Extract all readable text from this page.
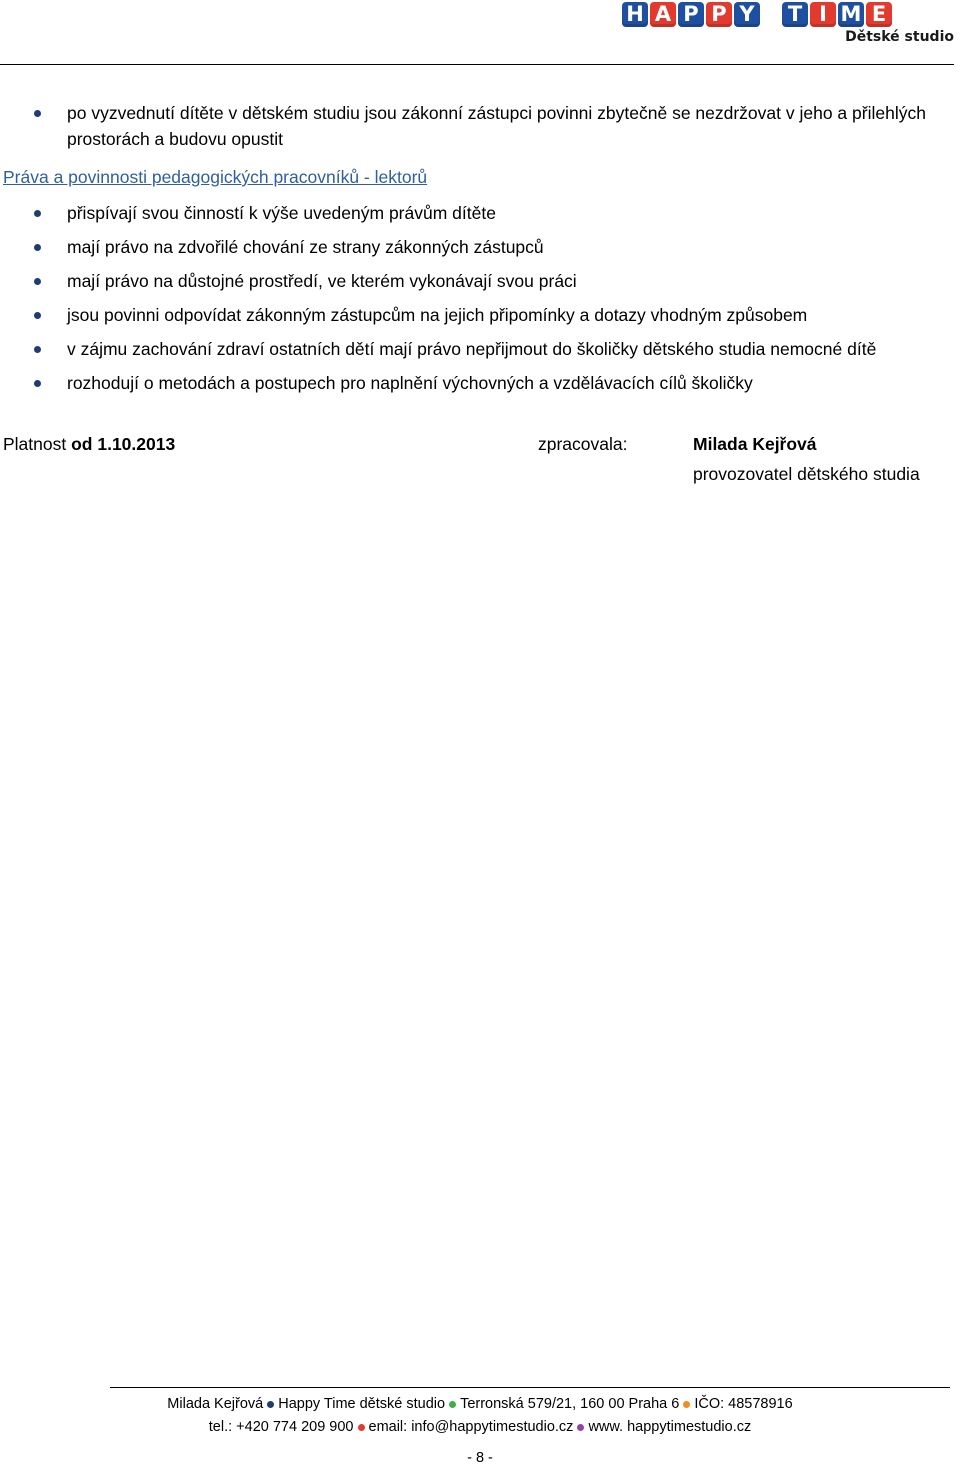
H A P P Y T I M E
Dětské studio
po vyzvednutí dítěte v dětském studiu jsou zákonní zástupci povinni zbytečně se nezdržovat v jeho a přilehlých prostorách a budovu opustit
Práva a povinnosti pedagogických pracovníků - lektorů
přispívají svou činností k výše uvedeným právům dítěte
mají právo na zdvořilé chování ze strany zákonných zástupců
mají právo na důstojné prostředí, ve kterém vykonávají svou práci
jsou povinni odpovídat zákonným zástupcům na jejich připomínky a dotazy vhodným způsobem
v zájmu zachování zdraví ostatních dětí mají právo nepřijmout do školičky dětského studia nemocné dítě
rozhodují o metodách a postupech pro naplnění výchovných a vzdělávacích cílů školičky
Platnost od 1.10.2013	zpracovala:	Milada Kejřová
provozovatel dětského studia
Milada Kejřová Happy Time dětské studio Terronská 579/21, 160 00 Praha 6 IČO: 48578916
tel.: +420 774 209 900 email: info@happytimestudio.cz www. happytimestudio.cz
- 8 -
